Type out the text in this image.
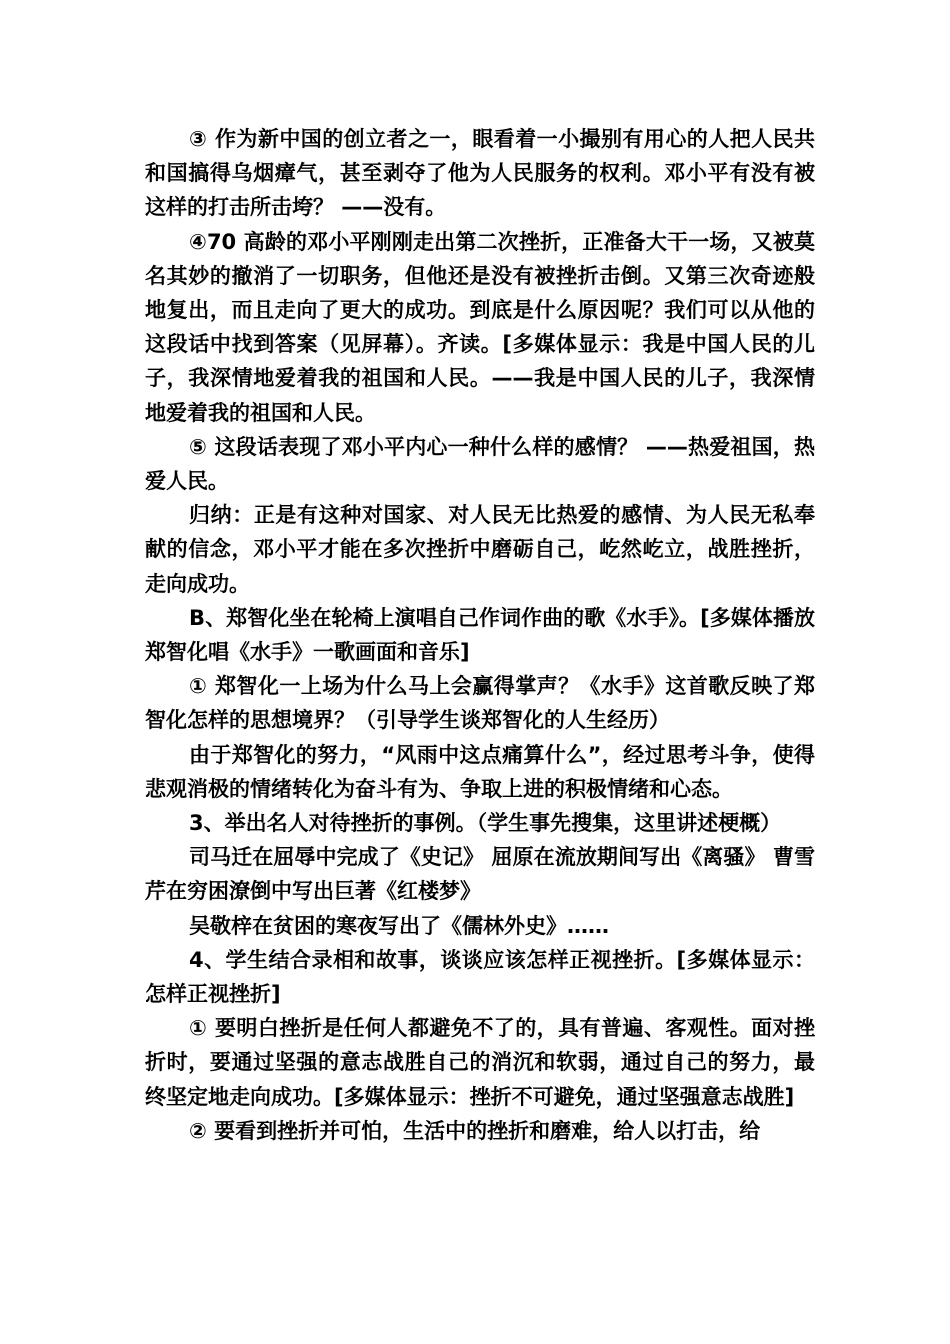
③ 作为新中国的创立者之一，眼看着一小撮别有用心的人把人民共和国搞得乌烟瘴气，甚至剥夺了他为人民服务的权利。邓小平有没有被这样的打击所击垮？ ——没有。

④70 高龄的邓小平刚刚走出第二次挫折，正准备大干一场，又被莫名其妙的撤消了一切职务，但他还是没有被挫折击倒。又第三次奇迹般地复出，而且走向了更大的成功。到底是什么原因呢？我们可以从他的这段话中找到答案（见屏幕）。齐读。[多媒体显示：我是中国人民的儿子，我深情地爱着我的祖国和人民。——我是中国人民的儿子，我深情地爱着我的祖国和人民。

⑤ 这段话表现了邓小平内心一种什么样的感情？ ——热爱祖国，热爱人民。

归纳：正是有这种对国家、对人民无比热爱的感情、为人民无私奉献的信念，邓小平才能在多次挫折中磨砺自己，屹然屹立，战胜挫折，走向成功。

B、郑智化坐在轮椅上演唱自己作词作曲的歌《水手》。[多媒体播放郑智化唱《水手》一歌画面和音乐]

① 郑智化一上场为什么马上会赢得掌声？《水手》这首歌反映了郑智化怎样的思想境界？（引导学生谈郑智化的人生经历）

由于郑智化的努力，“风雨中这点痛算什么”，经过思考斗争，使得悲观消极的情绪转化为奋斗有为、争取上进的积极情绪和心态。

3、举出名人对待挫折的事例。（学生事先搜集，这里讲述梗概）

司马迁在屈辱中完成了《史记》 屈原在流放期间写出《离骚》 曹雪芹在穷困潦倒中写出巨著《红楼梦》

吴敬梓在贫困的寒夜写出了《儒林外史》……

4、学生结合录相和故事，谈谈应该怎样正视挫折。[多媒体显示：怎样正视挫折]

① 要明白挫折是任何人都避免不了的，具有普遍、客观性。面对挫折时，要通过坚强的意志战胜自己的消沉和软弱，通过自己的努力，最终坚定地走向成功。[多媒体显示：挫折不可避免，通过坚强意志战胜]

② 要看到挫折并可怕，生活中的挫折和磨难，给人以打击，给
